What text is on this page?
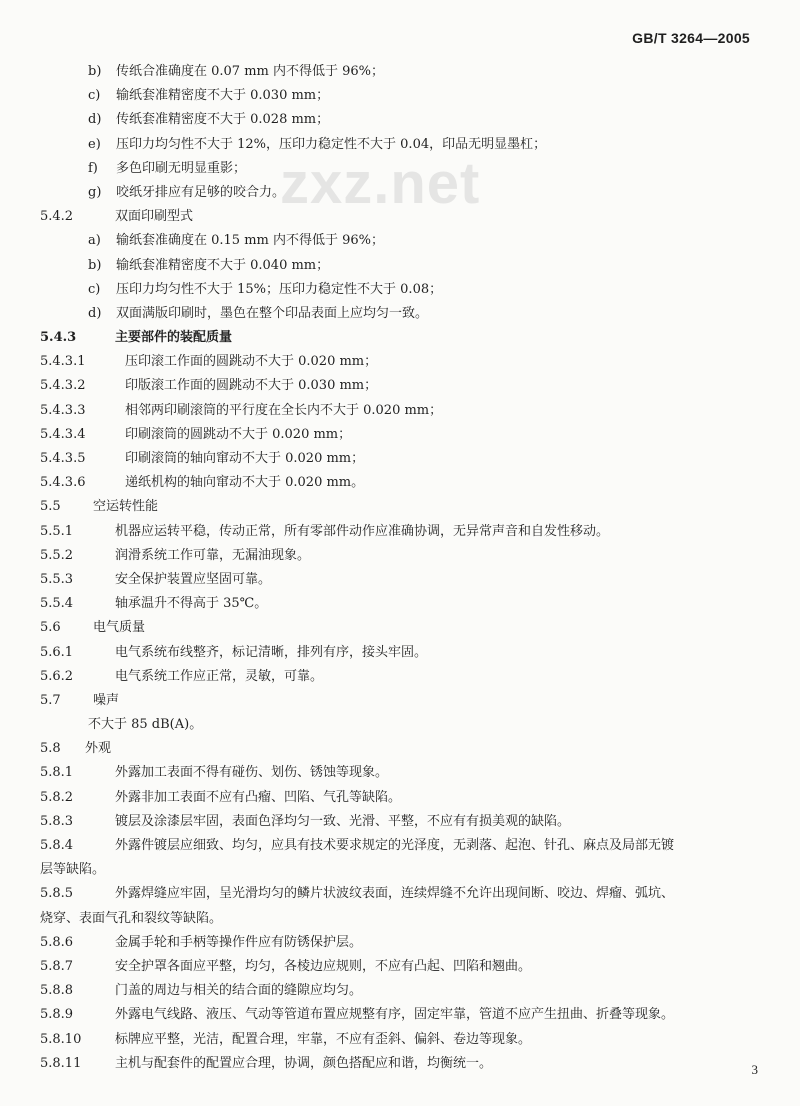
GB/T 3264—2005
zxz.net
b)	传纸合准确度在 0.07 mm 内不得低于 96%；
c)	输纸套准精密度不大于 0.030 mm；
d)	传纸套准精密度不大于 0.028 mm；
e)	压印力均匀性不大于 12%，压印力稳定性不大于 0.04，印品无明显墨杠；
f)	多色印刷无明显重影；
g)	咬纸牙排应有足够的咬合力。
5.4.2	双面印刷型式
a)	输纸套准确度在 0.15 mm 内不得低于 96%；
b)	输纸套准精密度不大于 0.040 mm；
c)	压印力均匀性不大于 15%；压印力稳定性不大于 0.08；
d)	双面满版印刷时，墨色在整个印品表面上应均匀一致。
5.4.3	主要部件的装配质量
5.4.3.1	压印滚工作面的圆跳动不大于 0.020 mm；
5.4.3.2	印版滚工作面的圆跳动不大于 0.030 mm；
5.4.3.3	相邻两印刷滚筒的平行度在全长内不大于 0.020 mm；
5.4.3.4	印刷滚筒的圆跳动不大于 0.020 mm；
5.4.3.5	印刷滚筒的轴向窜动不大于 0.020 mm；
5.4.3.6	递纸机构的轴向窜动不大于 0.020 mm。
5.5	空运转性能
5.5.1	机器应运转平稳，传动正常，所有零部件动作应准确协调，无异常声音和自发性移动。
5.5.2	润滑系统工作可靠，无漏油现象。
5.5.3	安全保护装置应坚固可靠。
5.5.4	轴承温升不得高于 35℃。
5.6	电气质量
5.6.1	电气系统布线整齐，标记清晰，排列有序，接头牢固。
5.6.2	电气系统工作应正常，灵敏，可靠。
5.7	噪声
不大于 85 dB(A)。
5.8	外观
5.8.1	外露加工表面不得有碰伤、划伤、锈蚀等现象。
5.8.2	外露非加工表面不应有凸瘤、凹陷、气孔等缺陷。
5.8.3	镀层及涂漆层牢固，表面色泽均匀一致、光滑、平整，不应有有损美观的缺陷。
5.8.4	外露件镀层应细致、均匀，应具有技术要求规定的光泽度，无剥落、起泡、针孔、麻点及局部无镀
层等缺陷。
5.8.5	外露焊缝应牢固，呈光滑均匀的鳞片状波纹表面，连续焊缝不允许出现间断、咬边、焊瘤、弧坑、
烧穿、表面气孔和裂纹等缺陷。
5.8.6	金属手轮和手柄等操作件应有防锈保护层。
5.8.7	安全护罩各面应平整，均匀，各棱边应规则，不应有凸起、凹陷和翘曲。
5.8.8	门盖的周边与相关的结合面的缝隙应均匀。
5.8.9	外露电气线路、液压、气动等管道布置应规整有序，固定牢靠，管道不应产生扭曲、折叠等现象。
5.8.10	标牌应平整，光洁，配置合理，牢靠，不应有歪斜、偏斜、卷边等现象。
5.8.11	主机与配套件的配置应合理，协调，颜色搭配应和谐，均衡统一。	3
